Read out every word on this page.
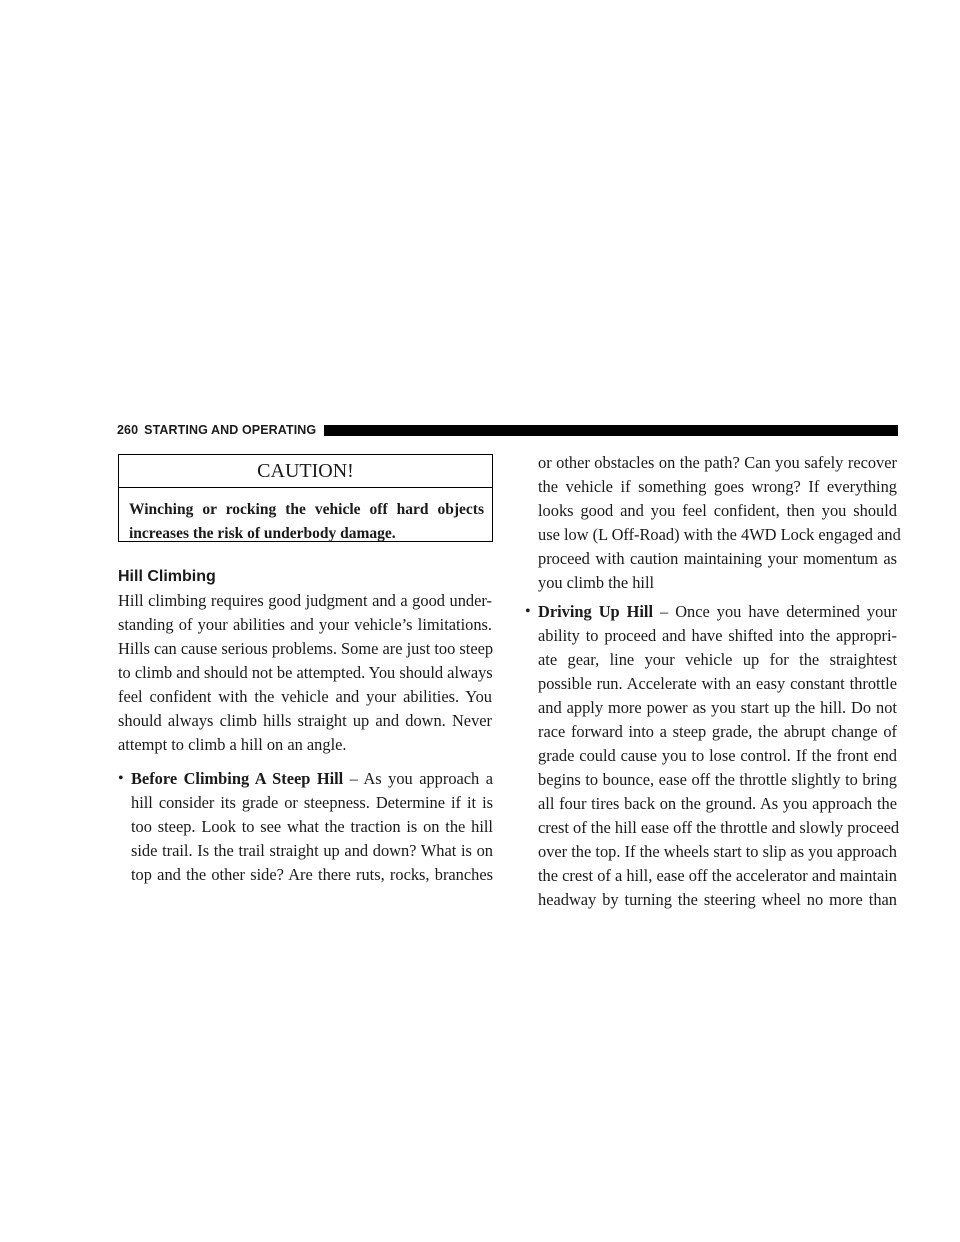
260 STARTING AND OPERATING
CAUTION!
Winching or rocking the vehicle off hard objects
increases the risk of underbody damage.
Hill Climbing
Hill climbing requires good judgment and a good under-
standing of your abilities and your vehicle’s limitations.
Hills can cause serious problems. Some are just too steep
to climb and should not be attempted. You should always
feel confident with the vehicle and your abilities. You
should always climb hills straight up and down. Never
attempt to climb a hill on an angle.
• Before Climbing A Steep Hill – As you approach a
hill consider its grade or steepness. Determine if it is
too steep. Look to see what the traction is on the hill
side trail. Is the trail straight up and down? What is on
top and the other side? Are there ruts, rocks, branches
or other obstacles on the path? Can you safely recover
the vehicle if something goes wrong? If everything
looks good and you feel confident, then you should
use low (L Off-Road) with the 4WD Lock engaged and
proceed with caution maintaining your momentum as
you climb the hill
• Driving Up Hill – Once you have determined your
ability to proceed and have shifted into the appropri-
ate gear, line your vehicle up for the straightest
possible run. Accelerate with an easy constant throttle
and apply more power as you start up the hill. Do not
race forward into a steep grade, the abrupt change of
grade could cause you to lose control. If the front end
begins to bounce, ease off the throttle slightly to bring
all four tires back on the ground. As you approach the
crest of the hill ease off the throttle and slowly proceed
over the top. If the wheels start to slip as you approach
the crest of a hill, ease off the accelerator and maintain
headway by turning the steering wheel no more than
